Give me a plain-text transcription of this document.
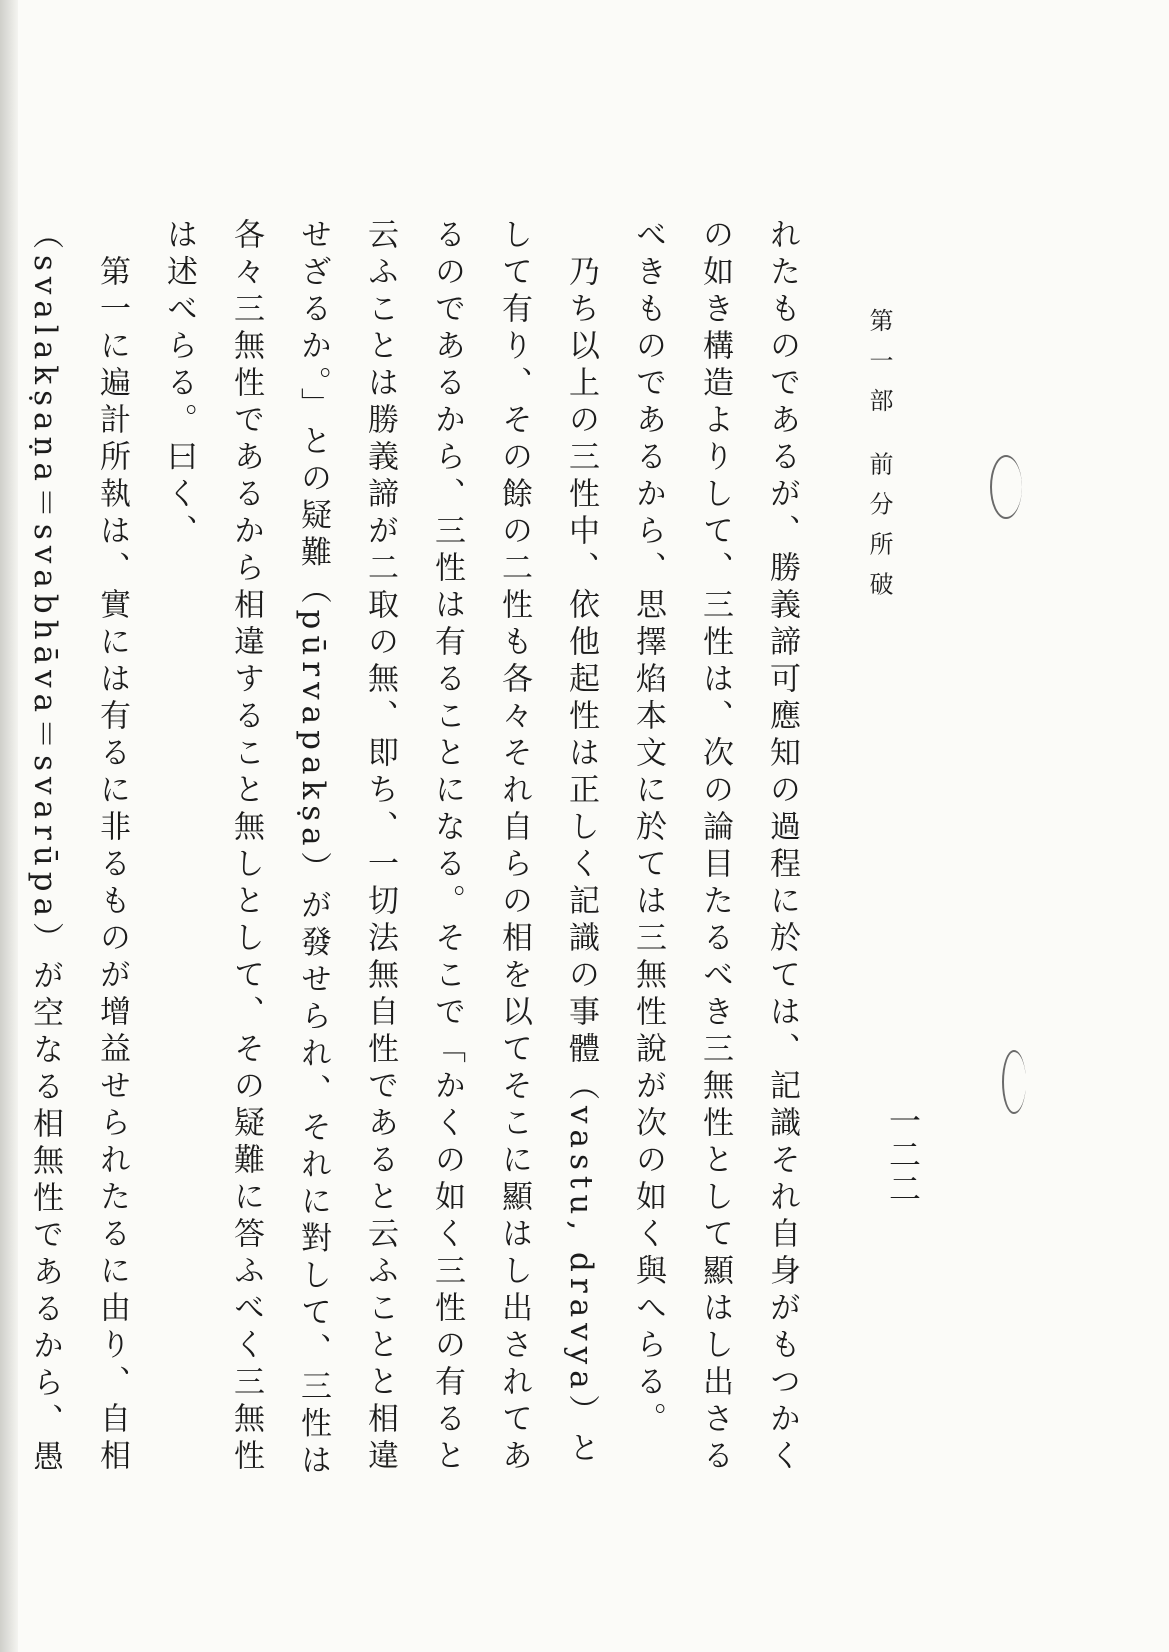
第一部 前分所破
一二二
れたものであるが、勝義諦可應知の過程に於ては、記識それ自身がもつかくの如き構造よりして、三性は、次の論目たるべき三無性として顯はし出さるべきものであるから、思擇焰本文に於ては三無性說が次の如く與へらる。
　乃ち以上の三性中、依他起性は正しく記識の事體（vastu, dravya）として有り、その餘の二性も各々それ自らの相を以てそこに顯はし出されてあるのであるから、三性は有ることになる。そこで「かくの如く三性の有ると云ふことは勝義諦が二取の無、即ち、一切法無自性であると云ふことと相違せざるか。」との疑難（pūrvapakṣa）が發せられ、それに對して、三性は各々三無性であるから相違すること無しとして、その疑難に答ふべく三無性は述べらる。曰く、
　第一に遍計所執は、實には有るに非るものが增益せられたるに由り、自相（svalakṣaṇa＝svabhāva＝svarūpa）が空なる相無性であるから、愚
